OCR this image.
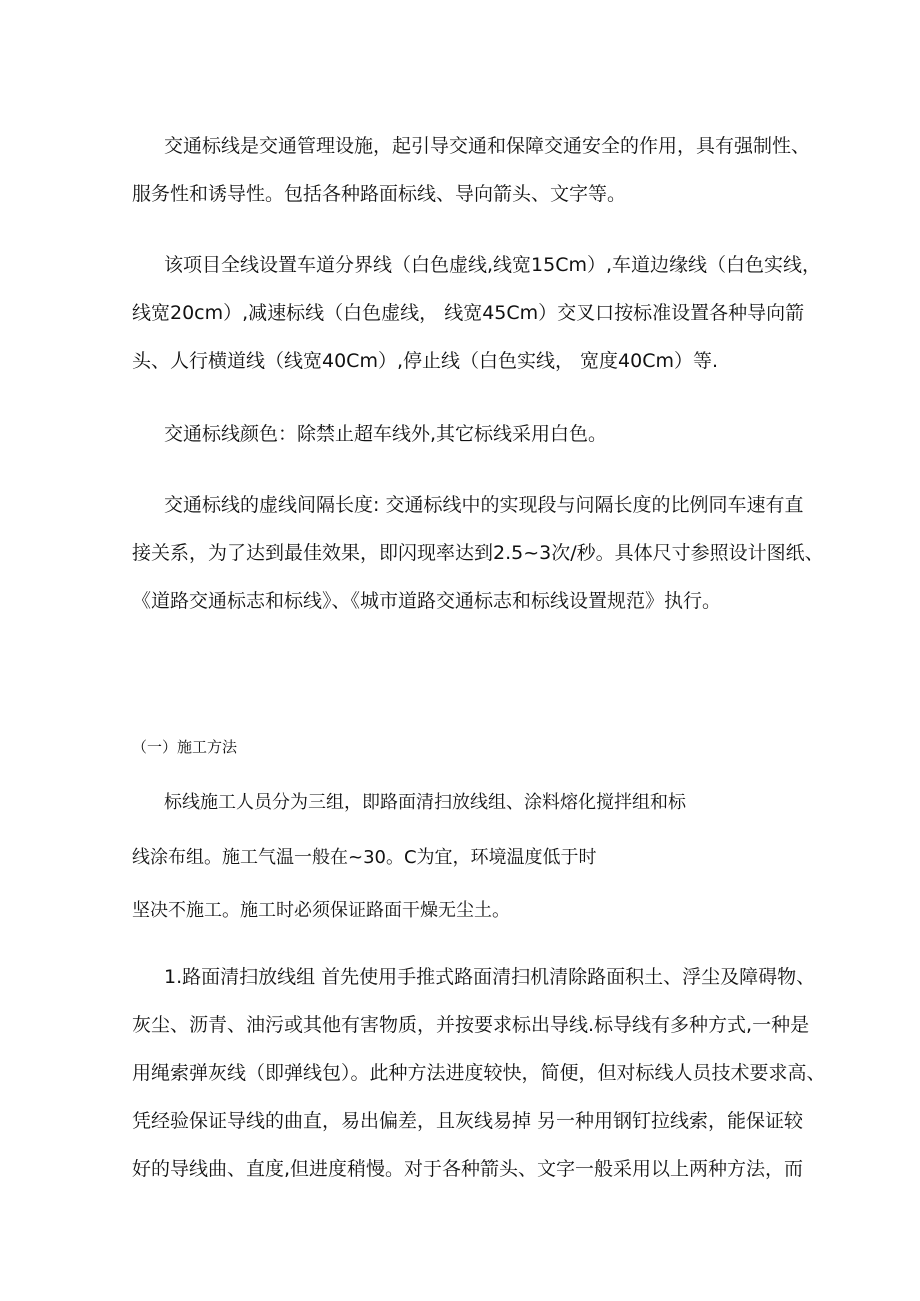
交通标线是交通管理设施，起引导交通和保障交通安全的作用，具有强制性、
服务性和诱导性。包括各种路面标线、导向箭头、文字等。

该项目全线设置车道分界线（白色虚线,线宽15Cm）,车道边缘线（白色实线，
线宽20cm）,减速标线（白色虚线， 线宽45Cm）交叉口按标准设置各种导向箭
头、人行横道线（线宽40Cm）,停止线（白色实线， 宽度40Cm）等.

交通标线颜色：除禁止超车线外,其它标线采用白色。

交通标线的虚线间隔长度: 交通标线中的实现段与问隔长度的比例同车速有直
接关系，为了达到最佳效果，即闪现率达到2.5~3次/秒。具体尺寸参照设计图纸、
《道路交通标志和标线》、《城市道路交通标志和标线设置规范》执行。

（一）施工方法

标线施工人员分为三组，即路面清扫放线组、涂料熔化搅拌组和标

线涂布组。施工气温一般在~30。C为宜，环境温度低于时

坚决不施工。施工时必须保证路面干燥无尘土。

1.路面清扫放线组 首先使用手推式路面清扫机清除路面积土、浮尘及障碍物、
灰尘、沥青、油污或其他有害物质，并按要求标出导线.标导线有多种方式,一种是
用绳索弹灰线（即弹线包）。此种方法进度较快，简便，但对标线人员技术要求高、
凭经验保证导线的曲直，易出偏差，且灰线易掉 另一种用钢钉拉线索，能保证较
好的导线曲、直度,但进度稍慢。对于各种箭头、文字一般采用以上两种方法，而
